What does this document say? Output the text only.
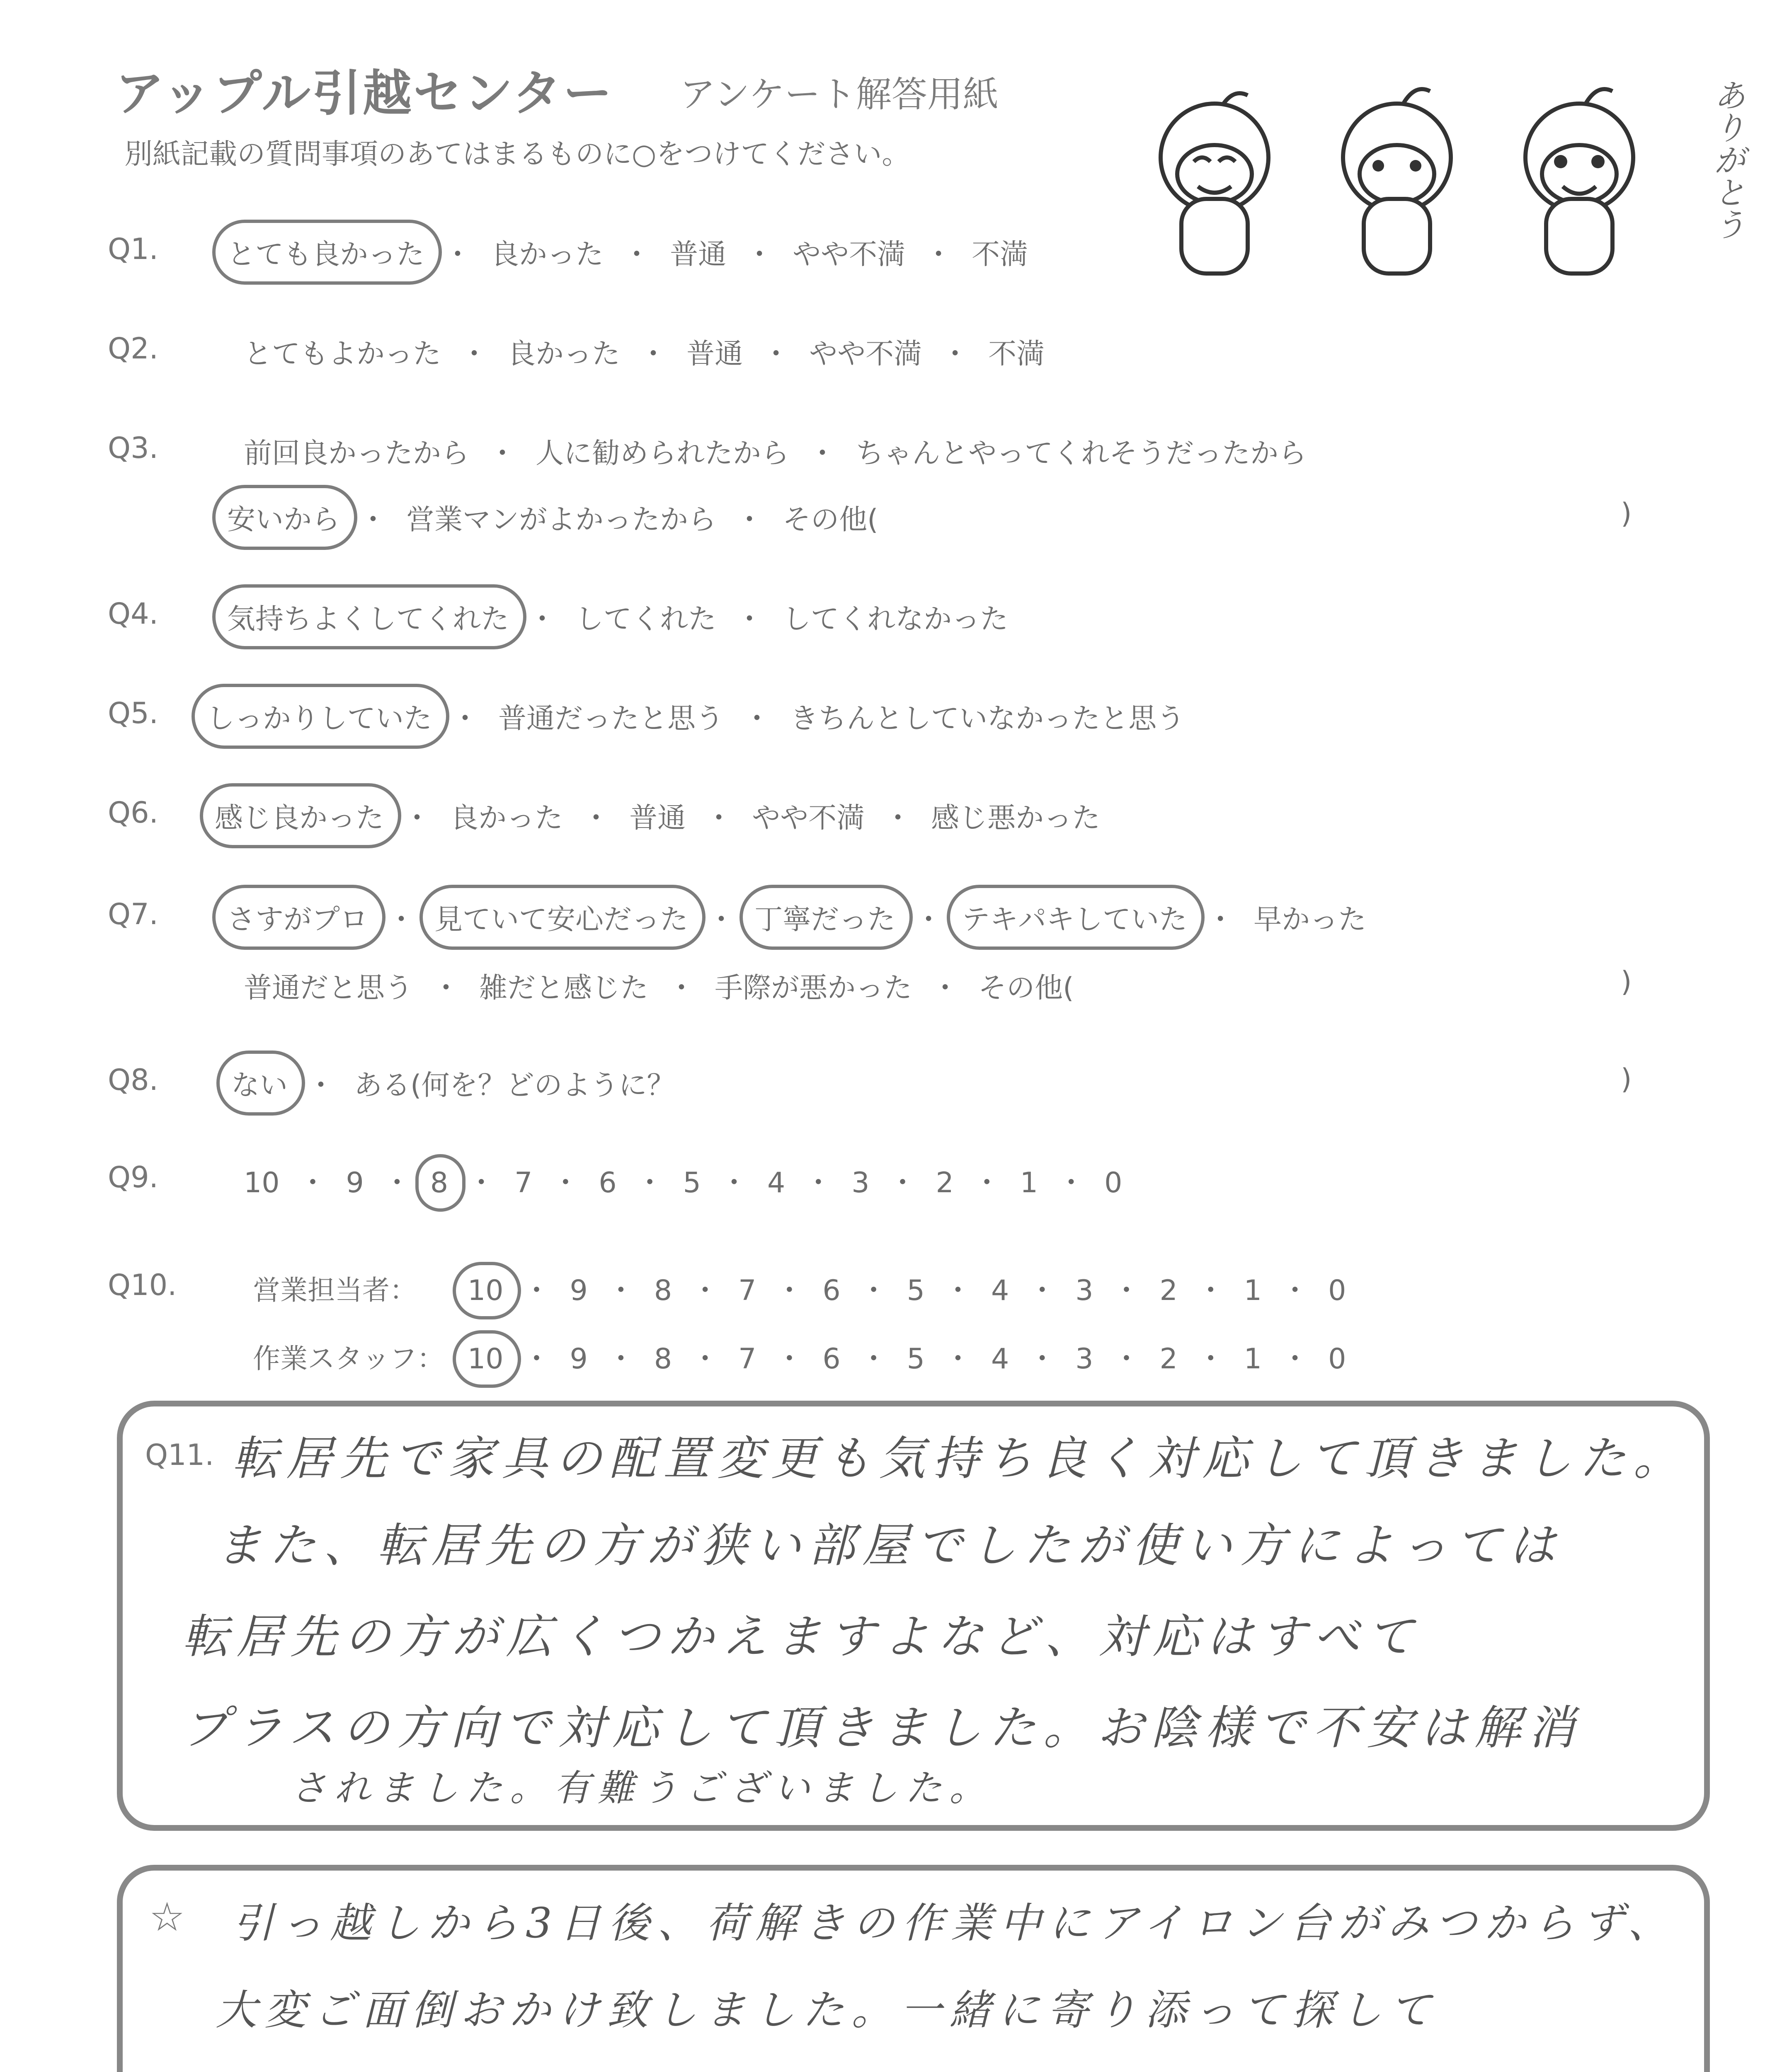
アップル引越センター アンケート解答用紙
別紙記載の質問事項のあてはまるものに○をつけてください。	ありがとう
Q1.	とても良かった ・ 良かった ・ 普通 ・ やや不満 ・ 不満
Q2.	とてもよかった ・ 良かった ・ 普通 ・ やや不満 ・ 不満
Q3.	前回良かったから ・ 人に勧められたから ・ ちゃんとやってくれそうだったから
安いから ・ 営業マンがよかったから ・ その他(	)
Q4.	気持ちよくしてくれた ・ してくれた ・ してくれなかった
Q5.	しっかりしていた ・ 普通だったと思う ・ きちんとしていなかったと思う
Q6.	感じ良かった ・ 良かった ・ 普通 ・ やや不満 ・ 感じ悪かった
Q7.	さすがプロ ・ 見ていて安心だった ・ 丁寧だった ・ テキパキしていた ・ 早かった
普通だと思う ・ 雑だと感じた ・ 手際が悪かった ・ その他(	)
Q8.	ない ・ ある(何を？どのように？	)
Q9.	10 ・ 9 ・ 8 ・ 7 ・ 6 ・ 5 ・ 4 ・ 3 ・ 2 ・ 1 ・ 0
Q10.	営業担当者：	10 ・ 9 ・ 8 ・ 7 ・ 6 ・ 5 ・ 4 ・ 3 ・ 2 ・ 1 ・ 0
作業スタッフ： 10 ・ 9 ・ 8 ・ 7 ・ 6 ・ 5 ・ 4 ・ 3 ・ 2 ・ 1 ・ 0
Q11. 転居先で家具の配置変更も気持ち良く対応して頂きました。
また、転居先の方が狭い部屋でしたが使い方によっては
転居先の方が広くつかえますよなど、対応はすべて
プラスの方向で対応して頂きました。お陰様で不安は解消
されました。有難うございました。
☆ 引っ越しから3日後、荷解きの作業中にアイロン台がみつからず、
大変ご面倒おかけ致しました。一緒に寄り添って探して
